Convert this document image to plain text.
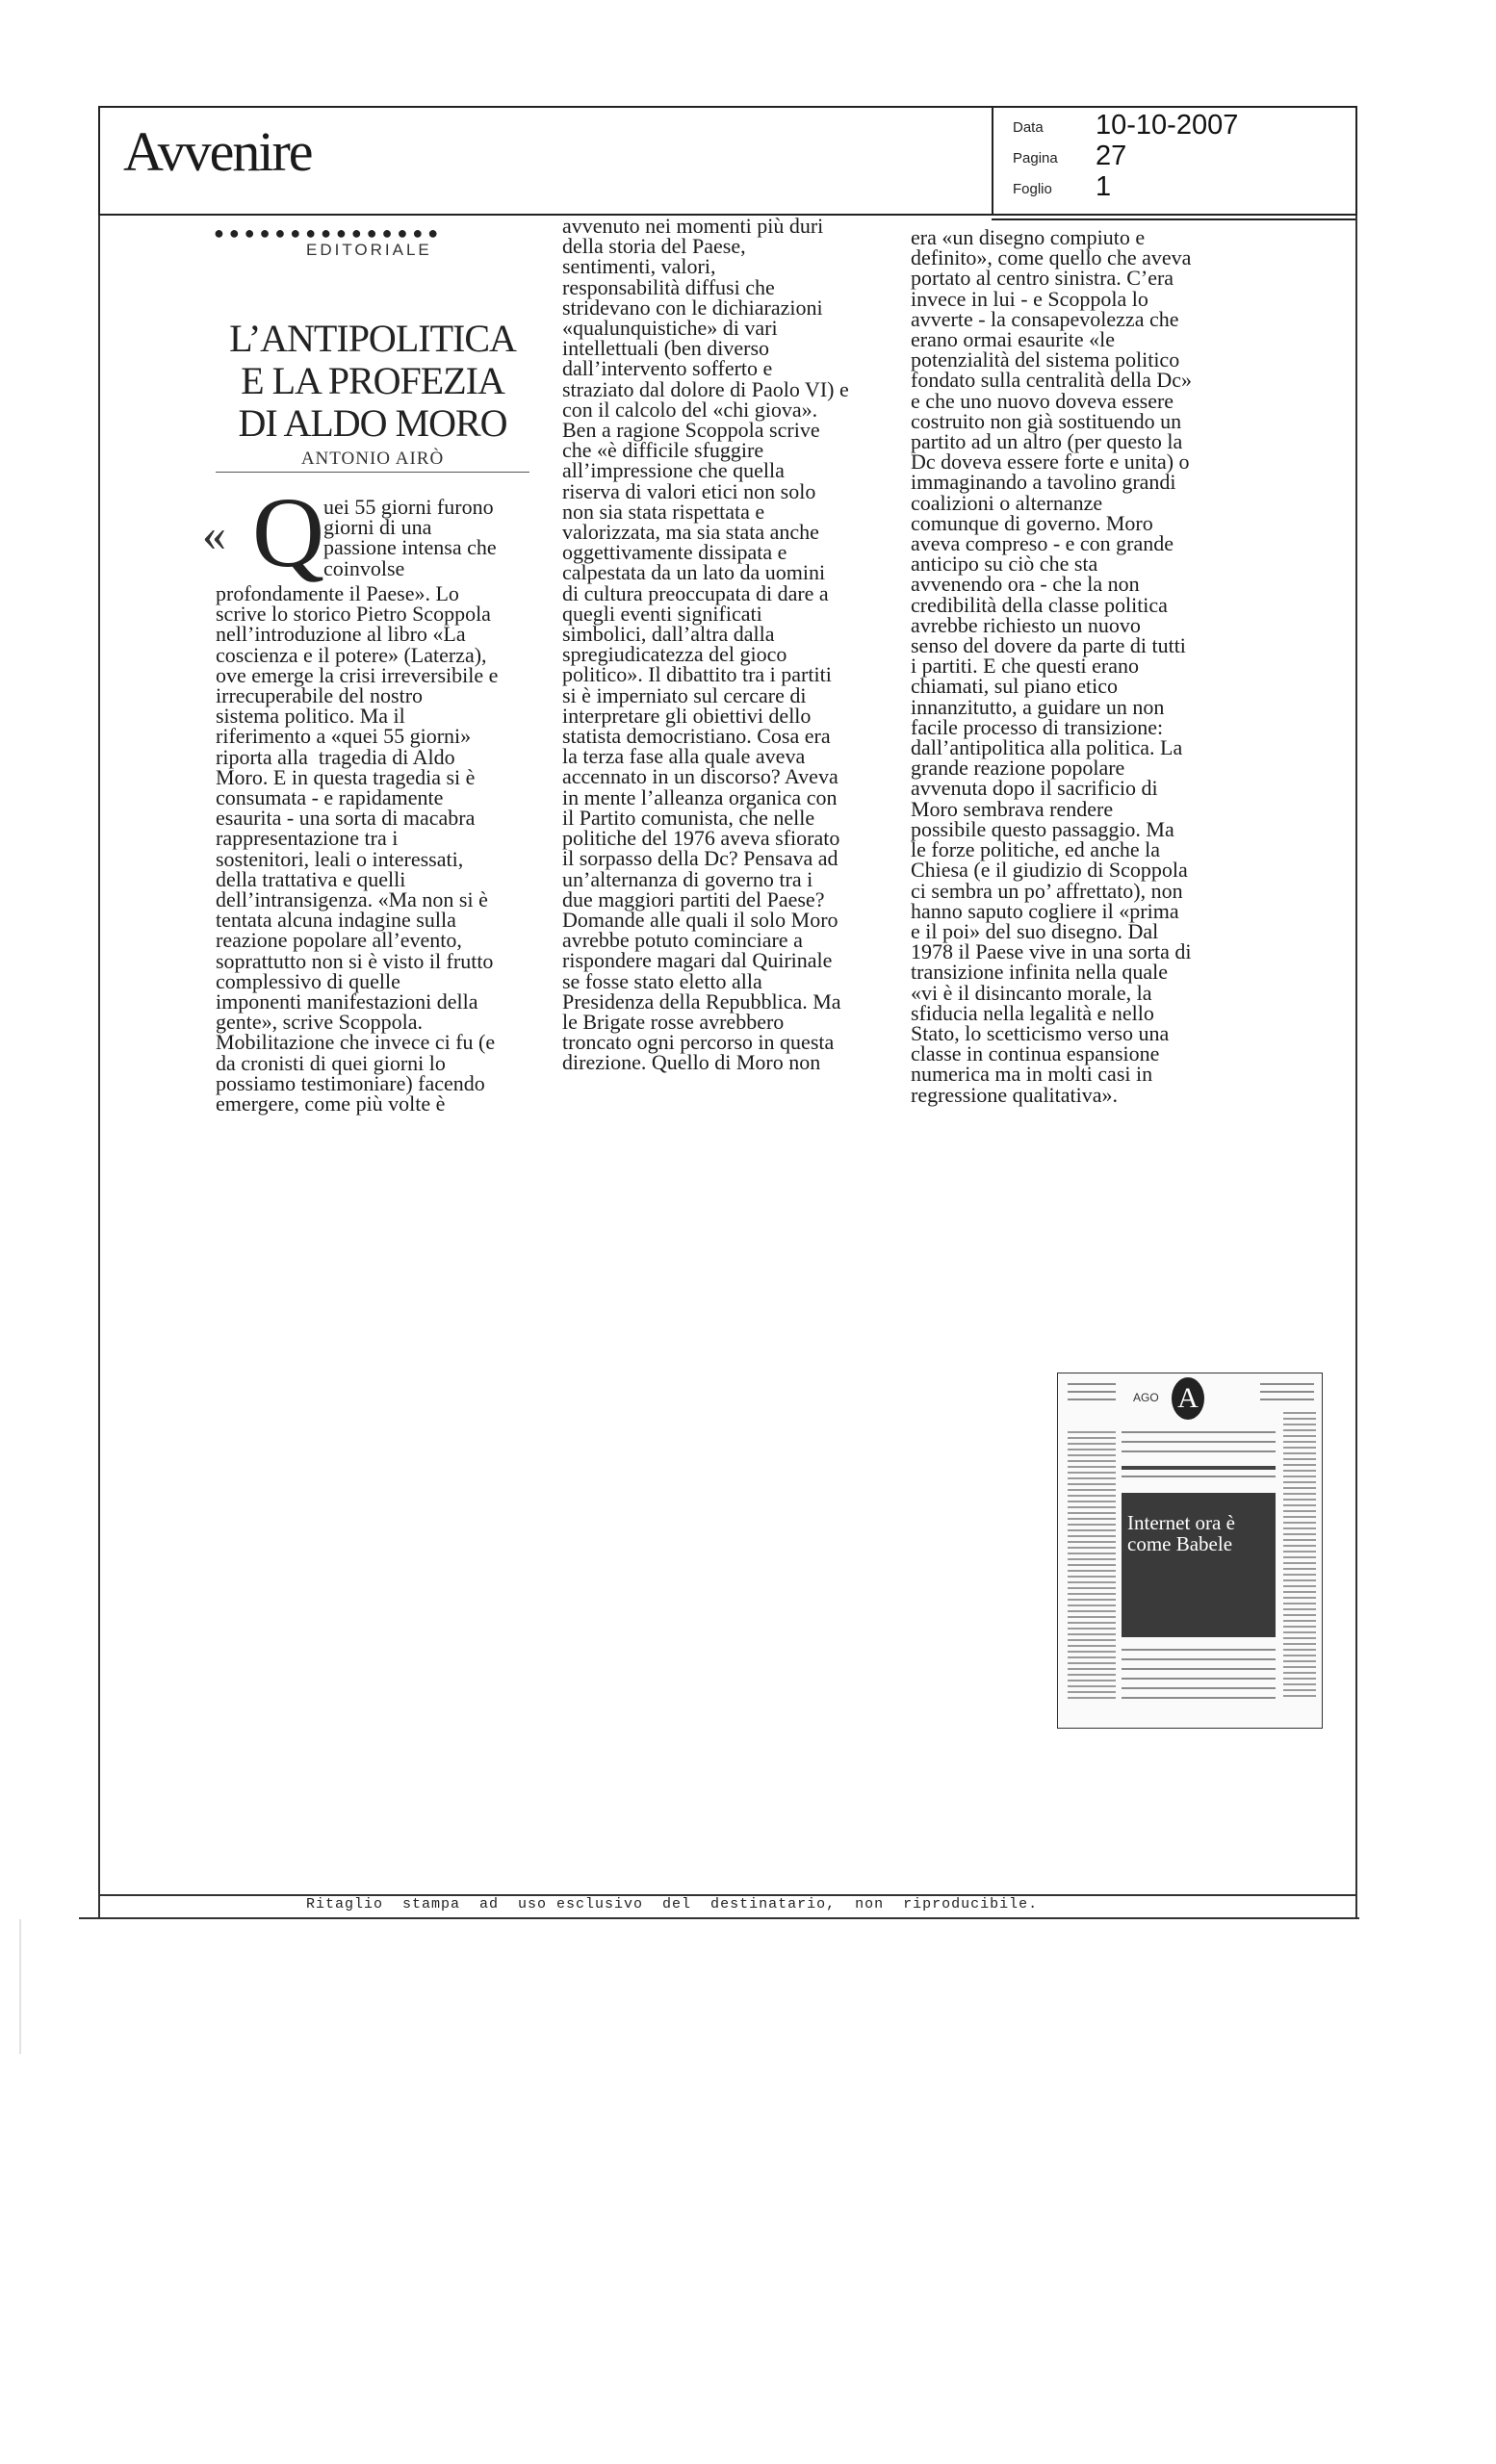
Avvenire	Data 10-10-2007
Pagina 27
Foglio 1
●●●●●●●●●●●●●●●
EDITORIALE
L’ANTIPOLITICA
E LA PROFEZIA
DI ALDO MORO
ANTONIO AIRÒ
« Q
uei 55 giorni furono
giorni di una
passione intensa che
coinvolse
profondamente il Paese». Lo
scrive lo storico Pietro Scoppola
nell’introduzione al libro «La
coscienza e il potere» (Laterza),
ove emerge la crisi irreversibile e
irrecuperabile del nostro
sistema politico. Ma il
riferimento a «quei 55 giorni»
riporta alla  tragedia di Aldo
Moro. E in questa tragedia si è
consumata - e rapidamente
esaurita - una sorta di macabra
rappresentazione tra i
sostenitori, leali o interessati,
della trattativa e quelli
dell’intransigenza. «Ma non si è
tentata alcuna indagine sulla
reazione popolare all’evento,
soprattutto non si è visto il frutto
complessivo di quelle
imponenti manifestazioni della
gente», scrive Scoppola.
Mobilitazione che invece ci fu (e
da cronisti di quei giorni lo
possiamo testimoniare) facendo
emergere, come più volte è
avvenuto nei momenti più duri
della storia del Paese,
sentimenti, valori,
responsabilità diffusi che
stridevano con le dichiarazioni
«qualunquistiche» di vari
intellettuali (ben diverso
dall’intervento sofferto e
straziato dal dolore di Paolo VI) e
con il calcolo del «chi giova».
Ben a ragione Scoppola scrive
che «è difficile sfuggire
all’impressione che quella
riserva di valori etici non solo
non sia stata rispettata e
valorizzata, ma sia stata anche
oggettivamente dissipata e
calpestata da un lato da uomini
di cultura preoccupata di dare a
quegli eventi significati
simbolici, dall’altra dalla
spregiudicatezza del gioco
politico». Il dibattito tra i partiti
si è imperniato sul cercare di
interpretare gli obiettivi dello
statista democristiano. Cosa era
la terza fase alla quale aveva
accennato in un discorso? Aveva
in mente l’alleanza organica con
il Partito comunista, che nelle
politiche del 1976 aveva sfiorato
il sorpasso della Dc? Pensava ad
un’alternanza di governo tra i
due maggiori partiti del Paese?
Domande alle quali il solo Moro
avrebbe potuto cominciare a
rispondere magari dal Quirinale
se fosse stato eletto alla
Presidenza della Repubblica. Ma
le Brigate rosse avrebbero
troncato ogni percorso in questa
direzione. Quello di Moro non
era «un disegno compiuto e
definito», come quello che aveva
portato al centro sinistra. C’era
invece in lui - e Scoppola lo
avverte - la consapevolezza che
erano ormai esaurite «le
potenzialità del sistema politico
fondato sulla centralità della Dc»
e che uno nuovo doveva essere
costruito non già sostituendo un
partito ad un altro (per questo la
Dc doveva essere forte e unita) o
immaginando a tavolino grandi
coalizioni o alternanze
comunque di governo. Moro
aveva compreso - e con grande
anticipo su ciò che sta
avvenendo ora - che la non
credibilità della classe politica
avrebbe richiesto un nuovo
senso del dovere da parte di tutti
i partiti. E che questi erano
chiamati, sul piano etico
innanzitutto, a guidare un non
facile processo di transizione:
dall’antipolitica alla politica. La
grande reazione popolare
avvenuta dopo il sacrificio di
Moro sembrava rendere
possibile questo passaggio. Ma
le forze politiche, ed anche la
Chiesa (e il giudizio di Scoppola
ci sembra un po’ affrettato), non
hanno saputo cogliere il «prima
e il poi» del suo disegno. Dal
1978 il Paese vive in una sorta di
transizione infinita nella quale
«vi è il disincanto morale, la
sfiducia nella legalità e nello
Stato, lo scetticismo verso una
classe in continua espansione
numerica ma in molti casi in
regressione qualitativa».
AGO A
Internet ora è come Babele
Ritaglio  stampa  ad  uso esclusivo  del  destinatario,  non  riproducibile.
